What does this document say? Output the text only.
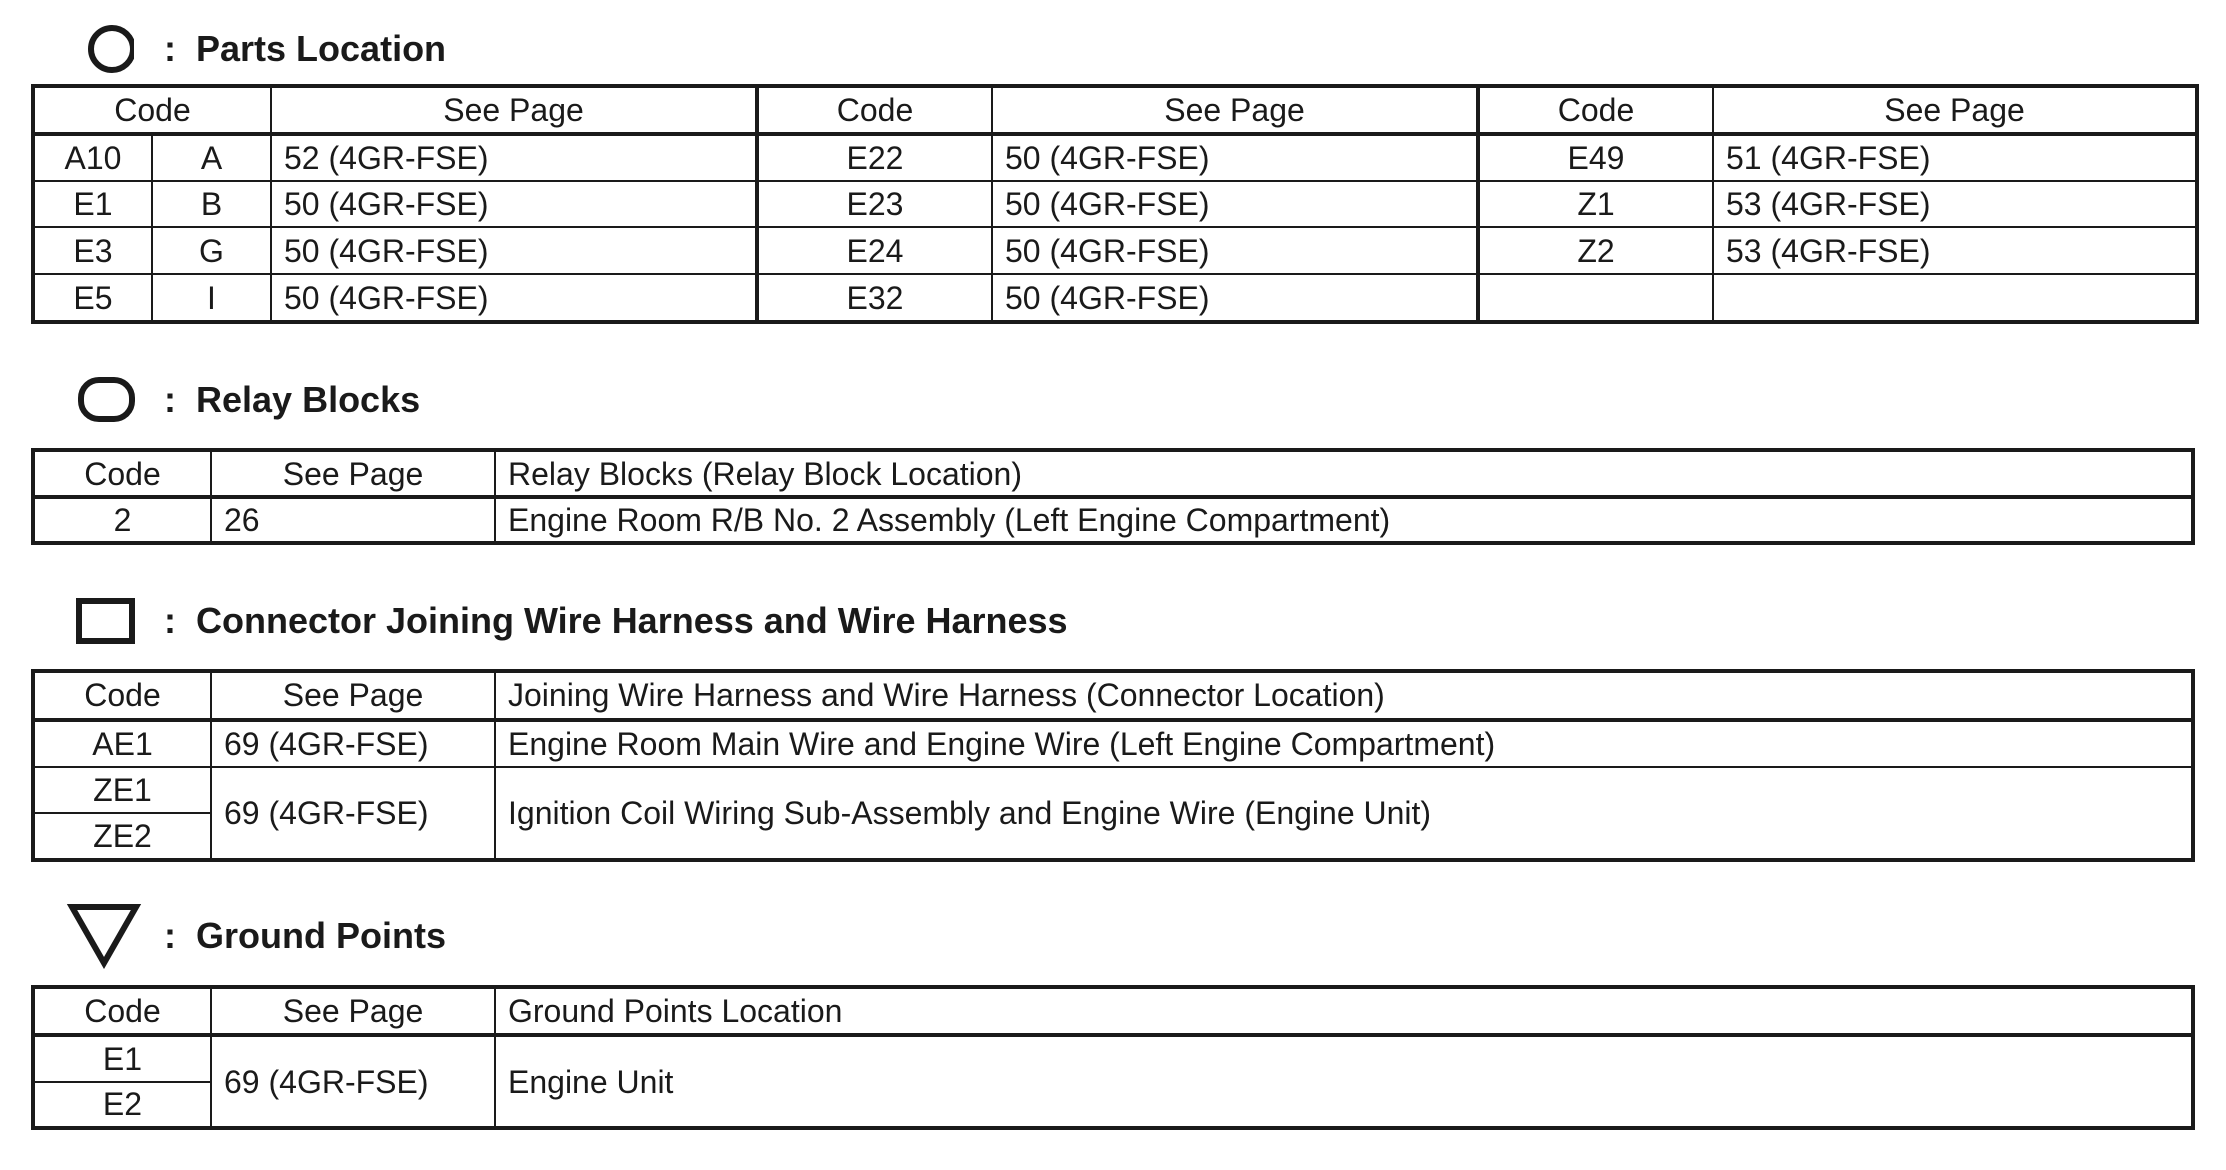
: Parts Location
Code		See Page	Code	See Page	Code	See Page
A10	A	52 (4GR-FSE)	E22	50 (4GR-FSE)	E49	51 (4GR-FSE)
E1	B	50 (4GR-FSE)	E23	50 (4GR-FSE)	Z1	53 (4GR-FSE)
E3	G	50 (4GR-FSE)	E24	50 (4GR-FSE)	Z2	53 (4GR-FSE)
E5	I	50 (4GR-FSE)	E32	50 (4GR-FSE)		
: Relay Blocks
Code	See Page	Relay Blocks (Relay Block Location)
2	26	Engine Room R/B No. 2 Assembly (Left Engine Compartment)
: Connector Joining Wire Harness and Wire Harness
Code	See Page	Joining Wire Harness and Wire Harness (Connector Location)
AE1	69 (4GR-FSE)	Engine Room Main Wire and Engine Wire (Left Engine Compartment)
ZE1	69 (4GR-FSE)	Ignition Coil Wiring Sub-Assembly and Engine Wire (Engine Unit)
ZE2		
: Ground Points
Code	See Page	Ground Points Location
E1	69 (4GR-FSE)	Engine Unit
E2		
